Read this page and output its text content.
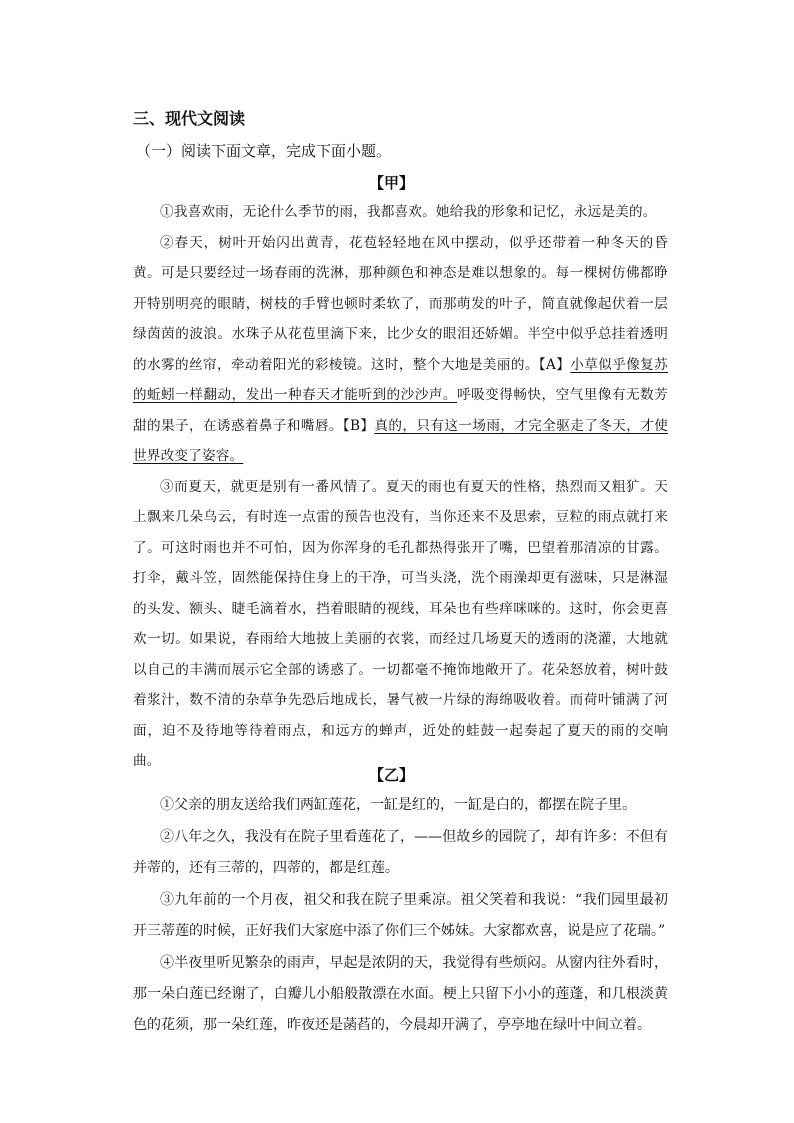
三、现代文阅读
（一）阅读下面文章，完成下面小题。
【甲】

①我喜欢雨，无论什么季节的雨，我都喜欢。她给我的形象和记忆，永远是美的。

②春天，树叶开始闪出黄青，花苞轻轻地在风中摆动，似乎还带着一种冬天的昏黄。可是只要经过一场春雨的洗淋，那种颜色和神态是难以想象的。每一棵树仿佛都睁开特别明亮的眼睛，树枝的手臂也顿时柔软了，而那萌发的叶子，简直就像起伏着一层绿茵茵的波浪。水珠子从花苞里滴下来，比少女的眼泪还娇媚。半空中似乎总挂着透明的水雾的丝帘，牵动着阳光的彩棱镜。这时，整个大地是美丽的。【A】小草似乎像复苏的蚯蚓一样翻动，发出一种春天才能听到的沙沙声。呼吸变得畅快，空气里像有无数芳甜的果子，在诱惑着鼻子和嘴唇。【B】真的，只有这一场雨，才完全驱走了冬天，才使世界改变了姿容。

③而夏天，就更是别有一番风情了。夏天的雨也有夏天的性格，热烈而又粗犷。天上飘来几朵乌云，有时连一点雷的预告也没有，当你还来不及思索，豆粒的雨点就打来了。可这时雨也并不可怕，因为你浑身的毛孔都热得张开了嘴，巴望着那清凉的甘露。打伞，戴斗笠，固然能保持住身上的干净，可当头浇，洗个雨澡却更有滋味，只是淋湿的头发、额头、睫毛滴着水，挡着眼睛的视线，耳朵也有些痒咪咪的。这时，你会更喜欢一切。如果说，春雨给大地披上美丽的衣裳，而经过几场夏天的透雨的浇灌，大地就以自己的丰满而展示它全部的诱惑了。一切都毫不掩饰地敞开了。花朵怒放着，树叶鼓着浆汁，数不清的杂草争先恐后地成长，暑气被一片绿的海绵吸收着。而荷叶铺满了河面，迫不及待地等待着雨点，和远方的蝉声，近处的蛙鼓一起奏起了夏天的雨的交响曲。

【乙】

①父亲的朋友送给我们两缸莲花，一缸是红的，一缸是白的，都摆在院子里。

②八年之久，我没有在院子里看莲花了，——但故乡的园院了，却有许多：不但有并蒂的，还有三蒂的，四蒂的，都是红莲。

③九年前的一个月夜，祖父和我在院子里乘凉。祖父笑着和我说：“我们园里最初开三蒂莲的时候，正好我们大家庭中添了你们三个姊妹。大家都欢喜，说是应了花瑞。”

④半夜里听见繁杂的雨声，早起是浓阴的天，我觉得有些烦闷。从窗内往外看时，那一朵白莲已经谢了，白瓣儿小船般散漂在水面。梗上只留下小小的莲蓬，和几根淡黄色的花须，那一朵红莲，昨夜还是菡萏的，今晨却开满了，亭亭地在绿叶中间立着。
